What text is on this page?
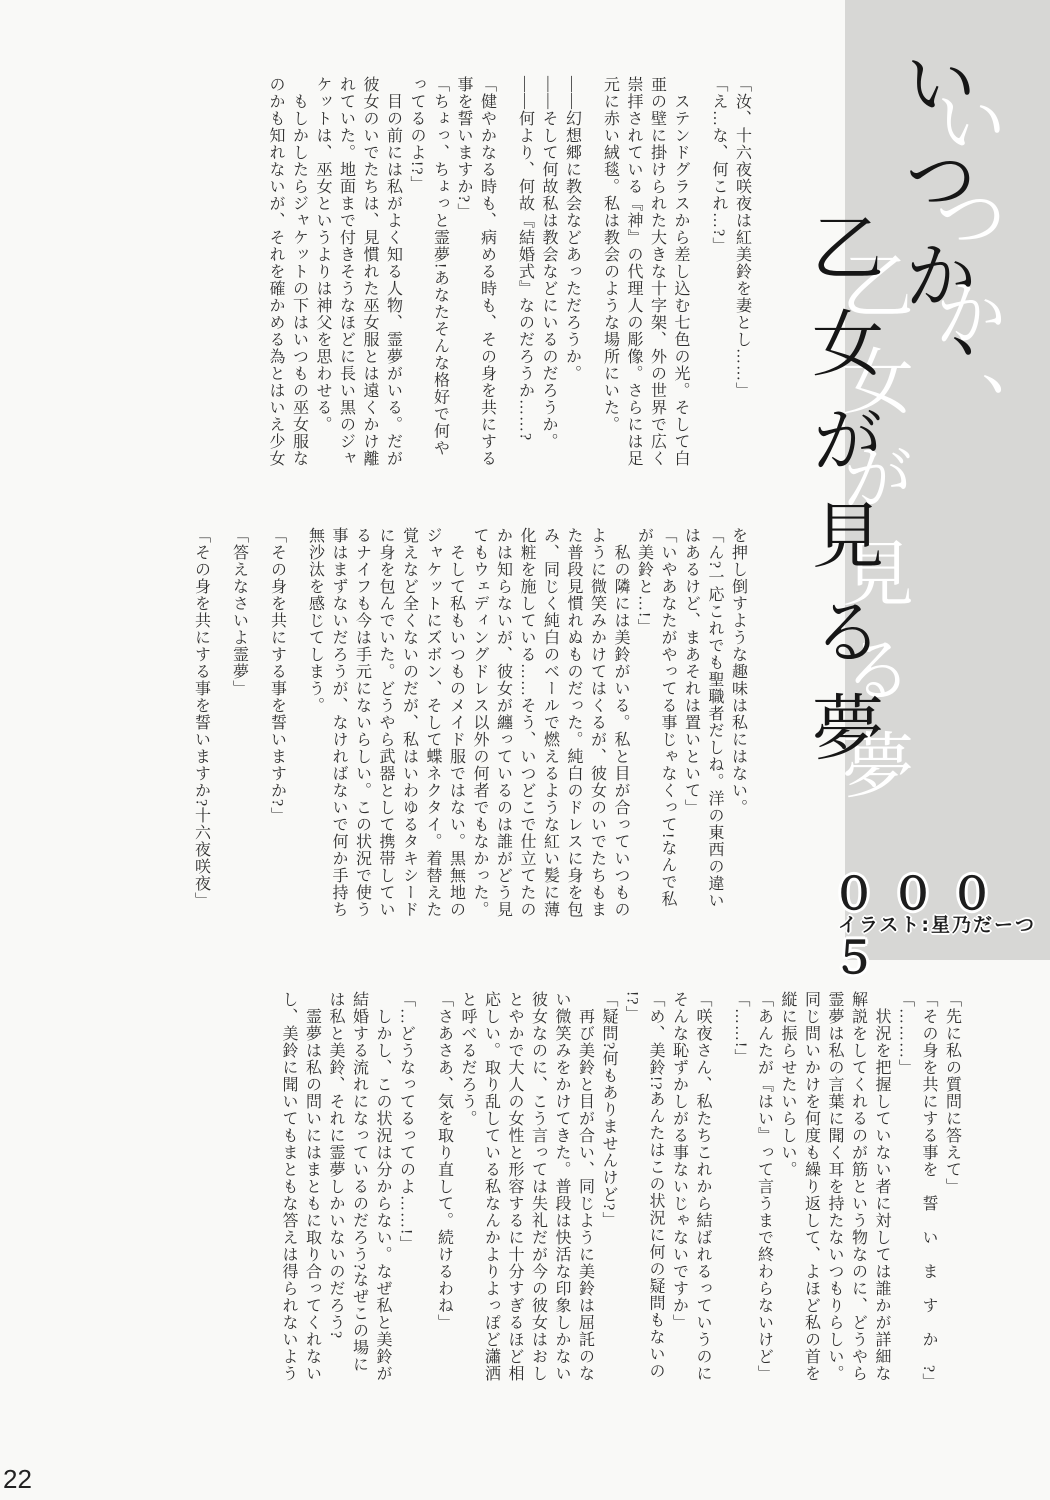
いつか、
乙女が見る夢
０００５
イラスト:星乃だーつ

「汝、十六夜咲夜は紅美鈴を妻とし……」

「え…な、何これ…?」

ステンドグラスから差し込む七色の光。そして白

亜の壁に掛けられた大きな十字架、外の世界で広く

崇拝されている『神』の代理人の彫像。さらには足

元に赤い絨毯。私は教会のような場所にいた。

――幻想郷に教会などあっただろうか。

――そして何故私は教会などにいるのだろうか。

――何より、何故『結婚式』なのだろうか……?

「健やかなる時も、病める時も、その身を共にする

事を誓いますか?」

「ちょっ、ちょっと霊夢!あなたそんな格好で何や

ってるのよ!?」

目の前には私がよく知る人物、霊夢がいる。だが

彼女のいでたちは、見慣れた巫女服とは遠くかけ離

れていた。地面まで付きそうなほどに長い黒のジャ

ケットは、巫女というよりは神父を思わせる。

もしかしたらジャケットの下はいつもの巫女服な

のかも知れないが、それを確かめる為とはいえ少女

を押し倒すような趣味は私にはない。

「ん?一応これでも聖職者だしね。洋の東西の違い

はあるけど、まあそれは置いといて」

「いやあなたがやってる事じゃなくって!なんで私

が美鈴と…!」

私の隣には美鈴がいる。私と目が合っていつもの

ように微笑みかけてはくるが、彼女のいでたちもま

た普段見慣れぬものだった。純白のドレスに身を包

み、同じく純白のベールで燃えるような紅い髪に薄

化粧を施している……そう、いつどこで仕立てたの

かは知らないが、彼女が纏っているのは誰がどう見

てもウェディングドレス以外の何者でもなかった。

そして私もいつものメイド服ではない。黒無地の

ジャケットにズボン、そして蝶ネクタイ。着替えた

覚えなど全くないのだが、私はいわゆるタキシード

に身を包んでいた。どうやら武器として携帯してい

るナイフも今は手元にないらしい。この状況で使う

事はまずないだろうが、なければないで何か手持ち

無沙汰を感じてしまう。

「その身を共にする事を誓いますか?」

「答えなさいよ霊夢」

「その身を共にする事を誓いますか?十六夜咲夜」

「先に私の質問に答えて」

「その身を共にする事を　誓　い　ま　す　か　?」

「………」

状況を把握していない者に対しては誰かが詳細な

解説をしてくれるのが筋という物なのに、どうやら

霊夢は私の言葉に聞く耳を持たないつもりらしい。

同じ問いかけを何度も繰り返して、よほど私の首を

縦に振らせたいらしい。

「あんたが『はい』って言うまで終わらないけど」

「……!」

「咲夜さん、私たちこれから結ばれるっていうのに

そんな恥ずかしがる事ないじゃないですか」

「め、美鈴!?あんたはこの状況に何の疑問もないの

!?」

「疑問?何もありませんけど?」

再び美鈴と目が合い、同じように美鈴は屈託のな

い微笑みをかけてきた。普段は快活な印象しかない

彼女なのに、こう言っては失礼だが今の彼女はおし

とやかで大人の女性と形容するに十分すぎるほど相

応しい。取り乱している私なんかよりよっぽど瀟洒

と呼べるだろう。

「さあさあ、気を取り直して。続けるわね」

「…どうなってるってのよ……!」

しかし、この状況は分からない。なぜ私と美鈴が

結婚する流れになっているのだろう?なぜこの場に

は私と美鈴、それに霊夢しかいないのだろう?

霊夢は私の問いにはまともに取り合ってくれない

し、美鈴に聞いてもまともな答えは得られないよう

22
